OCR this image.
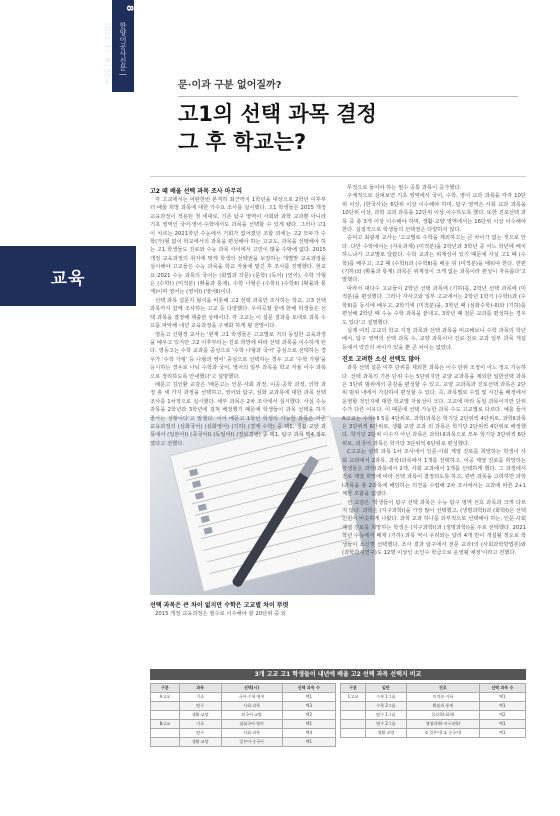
8
한양이공사신문 | 2023. 11. 8 | 50호
교육
문·이과 구분 없어질까?
고1의 선택 과목 결정
그 후 학교는?
고2 때 배울 선택 과목 조사 마무리

각 고교에서는 어떤한번 본격히 최근까지 1학년을 대상으로 2학년 이후부터 배울 희망 과목에 대한 가수요 조사를 실시했다. 고1 학생들은 2015 개정 교육과정이 적용된 첫 세대로, 기존 탐구 영역이 사회와 과학 교과뿐 아니라 기초 영역인 국어·영어·수학에서도 과목을 선택할 수 있게 됐다. 그러나 고1이 치르는 2021학년 수능에서 기회가 없어졌던 조합 외에는 고2 모두가 수학(가)형 없이 학교에서의 과목을 편성해야 하는 고교도, 과목을 선택해야 하는 고1 학생들도 진로와 수능 과목 사이에서 고민이 많을 수밖에 없다. 2015 개정 교육과정의 취지에 맞게 학생의 선택권을 보장하는 개별맞 교육과정을 실시해야 고교들은 수능 과목을 학교 자율에 맡긴 후 조사를 진행했다. 현교요 2021 수능 과목의 국어는 (화법과 작문) (문학) (독서) (언어), 수학 가형은 (수학Ⅰ) (미적분) (확률과 통계), 수학 나형은 (수학Ⅰ) (수학Ⅱ) (확률과 통계)이며 영어는 (영어Ⅰ) (영어Ⅱ)이다.

선택 과목 설문지 형식을 비롯해 고2 선택 과목만 조사하는 학교, 고3 선택 과목까지 함께 조사하는 고교 등 다양했다. 우여곡절 끝에 한해 학생들은 선택 과목을 결정해 제출한 상태이다. 각 고교는 이 설문 결과를 토대로 과목 수요를 파악해 내년 교육과정을 구체화 하게 될 전망이다.

영동고 신형정 교사는 '현재 고1 학생들은 고교별로 거의 동일한 교육과정을 배우고 있지만 고2 이후부터는 진로 희망에 따라 선택 과목을 이수하게 된다. 영동고는 수학 교과를 중심으로 '수학 나형과 국어' 중심으로 선택하는 경우가 '수학 가형' 등 나형과 영어' 중심으로 선택하는 경우 고교 '수학 가형'을 응시하는 경우로 나눠 수학과 국어, 영어의 일부 과목을 학교 자율 이수 과목으로 정리하도록 안내했다'고 설명했다.

배문고 김인환 교감은 '배문고는 인문·사회 과정, 이공·공학 과정, 의학 과정 총 세 가지 과정을 선택하고, 영어와 탐구, 심화 교과목에 대한 과목 선택 조사를 1차적으로 실시했다. 세부 과목은 2차 조사에서 실시했다. 사실 수능 과목을 2학년과 3학년에 걸쳐 배정했기 때문에 학생들이 과목 선택을 하기 좋아는 상황이다'고 말했다. 이어 배문고 1학년 학생의 가능한 과목은 기존 교육과정의 (심화국어) (심화영어) (기하) (경제 수학) 중 택1, 생활·교양 과목에서 (일본어Ⅰ) (중국어Ⅰ) (독일어Ⅰ) (정보경영) 중 택1, 탐구 과목 택4 정도였다고 전했다.

선택 과목은 큰 차이 없지만 수학은 고교별 차이 뚜렷

2015 개정 교육과정은 필수로 이수해야 할 20단위 중 외

무적으로 들어야 하는 필수 공통 과목이 증가했다.

구체적으로 살펴보면 기초 영역에서 국어, 수학, 영어 교과 과목을 각각 10단위 이상, (한국사)는 6단위 이상 이수해야 하며, 탐구 영역은 사회 교과 과목을 10단위 이상, 과학 교과 과목을 12단위 이상 이수하도록 했다. 또한 진로선택 과목 중 총 3개 이상 이수해야 하며, 생활·교양 영역에서는 16단위 이상 이수해야 한다. 실질적으로 학생들의 선택권은 다양하지 않다.

숭덕고 최광재 교사는 '고교별로 수학을 제외하고는 큰 차이가 없는 것으로 안다. 다만 수학에서는 (자유과제) (미적분)을 2학년과 3학년 중 어느 학년에 배치하느냐가 고교별로 달랐다. 수학 교과는 위계성이 있기 때문에 사실 고1 때 (수학)를 배우고, 고2 때 (수학Ⅰ)과 (수학Ⅱ)를 배운 뒤 (미적분)을 배워야 한다. 한편 (기하)와 (확률과 통계) 과목은 위계성이 크게 없는 과목이라 편성이 자유롭다'고 말했다.

따라서 대다수 고교들이 2학년 선택 과목에 (기하)를, 2학년 선택 과목에 (미적분)을 편성했다. 그러나 자사고와 일부 고교에서는 2학년 1학기 (수학Ⅰ)과 (수학Ⅱ)를 동시에 배우고, 2학기에 (미적분)을, 3학년 때 (심화수학Ⅰ·Ⅱ)와 (기하)를 편성해 2학년 때 수능 수학 과목을 끝내고, 3학년 때 전문 교과를 편성하는 경우도 있다'고 설명했다.

실제 여러 고교의 학교 지정 과목과 선택 과목을 비교해보니 수학 과목의 학년 배치, 탐구 영역의 선택 과목 수, 교양 과목이나 진로·진로 교과 일부 과목 개설 등에서 약간의 차이가 있을 뿐 큰 차이는 없었다.

진로 고려한 소신 선택도 많아

과목 선택 설문 이후 단위를 제외한 과목은 이수 단위 조정이 어느 정도 가능하다. 선택 과목의 기본 단위 수는 5단위지만 교양 교과목을 제외한 일반선택 과목은 3단위 범위에서 증감을 편성할 수 있고, 교양 교과목과 진로선택 과목은 2단위 범위 내에서 가감하여 편성할 수 있다. 즉, 과목별로 수업 및 시간을 배정에서 운영할 것인지에 대한 학교별 자율성이 크다. 고교에 따라 동일 과목이지만 단위 수가 다른 이유다. 이 때문에 선택 가능한 과목 수도 고교별로 다르다. 예를 들어 A고교는 수학Ⅰ·Ⅱ 5를 4단위로, 과학Ⅰ과목은 학기당 2단위씩 4단위로, 과학Ⅱ과목은 3단위씩 6단위로, 생활·교양 교과 외 과목은 학기당 2단위씩 4단위로 배정했다. 학기당 2단위 이수가 아닌 과목은 과학Ⅰ·Ⅱ과목으로 모두 학기당 3단위씩 6단위로, 외국어 과목은 학기당 3단위씩 6단위로 편성했다.

C고교는 선택 과목 1차 조사에서 인문·사회 계열 진로를 희망하는 학생이 사회 교과에서 2과목, 과학Ⅰ과목에서 1개를 선택하고, 이공 계열 진로를 희망하는 학생들은 과학Ⅰ과목에서 2개, 사회 교과에서 1개를 선택하게 했다. 그 과정에서 진로 계열 희망에 따라 선택 과목이 결정되도록 하고, 관련 과목을 고려하면 과학Ⅰ과목을 총 2과목에 해당하는 의견을 수렴해 2차 조사에서는 교과에 따른 2+1 체한 조합을 없앴다.

선 교감은 '학생들이 탐구 선택 과목은 수능 탐구 영역 선호 과목과 크게 다르지 않다. 과학은 (지구과학Ⅰ)을 가장 많이 선택했고, (생명과학Ⅰ)과 (화학Ⅰ)은 선택 인원이 비슷하게 나왔다. 과학 교과 하나를 외부적으로 선택해야 하는, 인문·사회 계열 진로를 희망하는 학생은 (지구과학Ⅰ)과 (생명과학Ⅰ)을 주로 선택했다. 2021학년 수능에서 배제 (기하) 과목 역시 우려와는 달리 4개 반이 개설될 정도로 학생들이 소신껏 선택했다. 조사 결과 탐구에서 전문 교과Ⅰ의 (사회과학방법론)와 (과학과제연구)도 12명 이상인 소인수 학급으로 운영될 예정'이라고 전했다.

3개 고교 고1 학생들이 내년에 배울 고2 선택 과목 선택지 비교
구분	과목	선택(시)	선택 과목 수
A고교	기초	국어·수학·영어	택1
	탐구	사회·과학	택3
	생활·교양	외국어·교양	택2
B고교	기초	심화국어·영어	택1
	탐구	사회·과학	택4
	생활·교양	일본어·중국어	택1
구분	일반	진로	선택 과목 수
C고교	수학 1그룹	미적분·기하	택1
	수학 2그룹	확률과 통계	택1
	탐구 1그룹	물리학Ⅰ·화학Ⅰ	택2
	탐구 2그룹	생명과학Ⅰ·지구과학Ⅰ	택1
	생활·교양	① 일본어Ⅰ ② 중국어Ⅰ	택1
